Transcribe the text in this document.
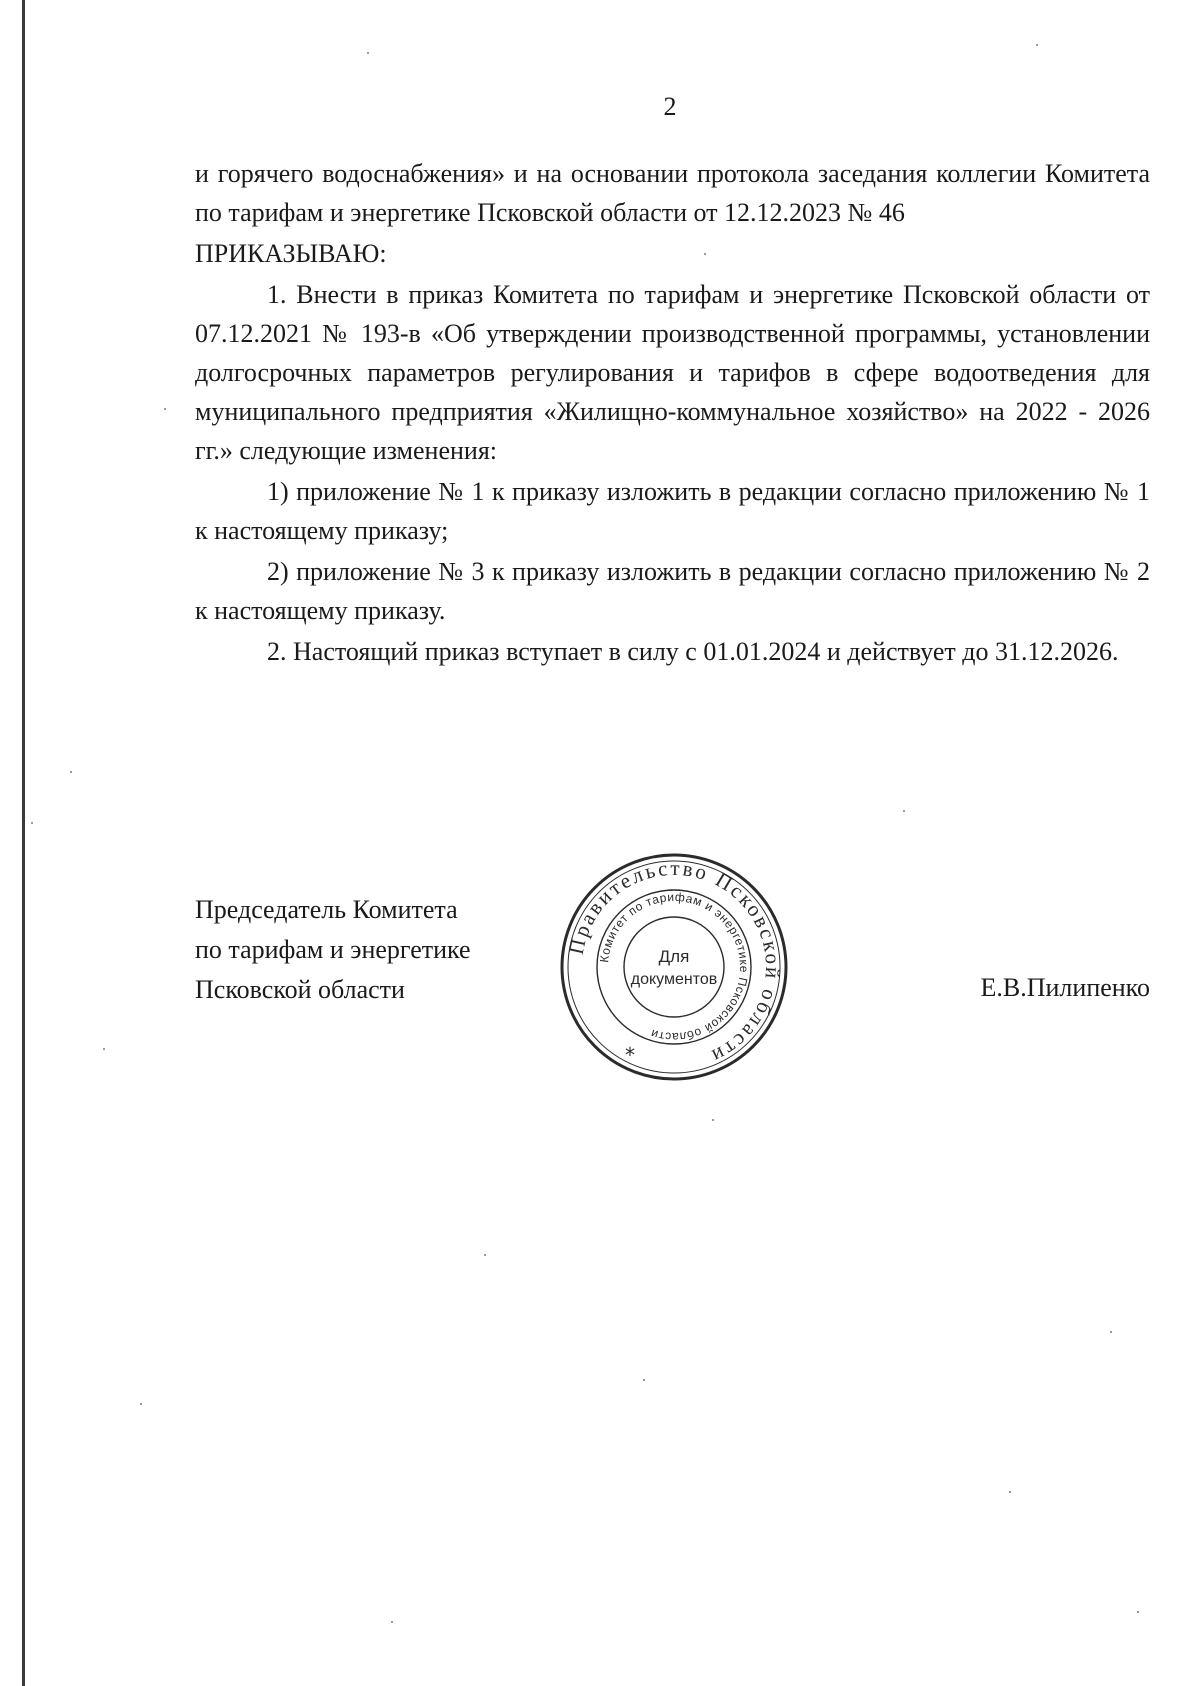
2

и горячего водоснабжения» и на основании протокола заседания коллегии Комитета по тарифам и энергетике Псковской области от 12.12.2023 № 46

ПРИКАЗЫВАЮ:

1. Внести в приказ Комитета по тарифам и энергетике Псковской области от 07.12.2021 № 193-в «Об утверждении производственной программы, установлении долгосрочных параметров регулирования и тарифов в сфере водоотведения для муниципального предприятия «Жилищно-коммунальное хозяйство» на 2022 - 2026 гг.» следующие изменения:

1) приложение № 1 к приказу изложить в редакции согласно приложению № 1 к настоящему приказу;

2) приложение № 3 к приказу изложить в редакции согласно приложению № 2 к настоящему приказу.

2. Настоящий приказ вступает в силу с 01.01.2024 и действует до 31.12.2026.

Председатель Комитета
по тарифам и энергетике
Псковской области
Правительство Псковской области
Комитет по тарифам и энергетике Псковской области
Для
документов
*
Е.В.Пилипенко
